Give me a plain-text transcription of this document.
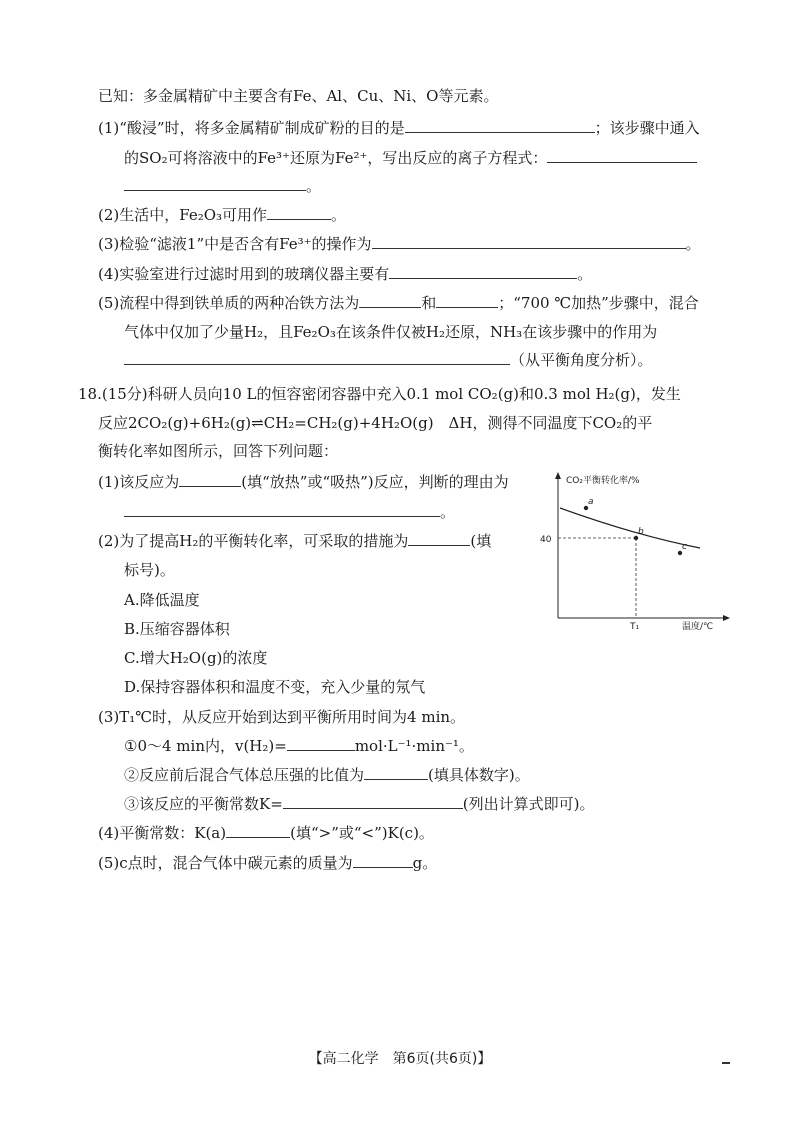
已知：多金属精矿中主要含有Fe、Al、Cu、Ni、O等元素。
(1)“酸浸”时，将多金属精矿制成矿粉的目的是	；该步骤中通入
的SO₂可将溶液中的Fe³⁺还原为Fe²⁺，写出反应的离子方程式：
。
(2)生活中，Fe₂O₃可用作	。
(3)检验“滤液1”中是否含有Fe³⁺的操作为	。
(4)实验室进行过滤时用到的玻璃仪器主要有	。
(5)流程中得到铁单质的两种冶铁方法为	和	；“700 ℃加热”步骤中，混合
气体中仅加了少量H₂，且Fe₂O₃在该条件仅被H₂还原，NH₃在该步骤中的作用为
（从平衡角度分析）。
18.(15分)科研人员向10 L的恒容密闭容器中充入0.1 mol CO₂(g)和0.3 mol H₂(g)，发生
反应2CO₂(g)+6H₂(g)⇌CH₂=CH₂(g)+4H₂O(g)　ΔH，测得不同温度下CO₂的平
衡转化率如图所示，回答下列问题：
(1)该反应为	(填“放热”或“吸热”)反应，判断的理由为
。
(2)为了提高H₂的平衡转化率，可采取的措施为	(填
标号)。
A.降低温度
B.压缩容器体积
C.增大H₂O(g)的浓度
D.保持容器体积和温度不变，充入少量的氖气
(3)T₁℃时，从反应开始到达到平衡所用时间为4 min。
①0～4 min内，v(H₂)=	mol·L⁻¹·min⁻¹。
②反应前后混合气体总压强的比值为	(填具体数字)。
③该反应的平衡常数K=	(列出计算式即可)。
(4)平衡常数：K(a)	(填“>”或“<”)K(c)。
(5)c点时，混合气体中碳元素的质量为	g。
CO₂平衡转化率/%
温度/℃
40
T₁
a
b
c
【高二化学　第6页(共6页)】
